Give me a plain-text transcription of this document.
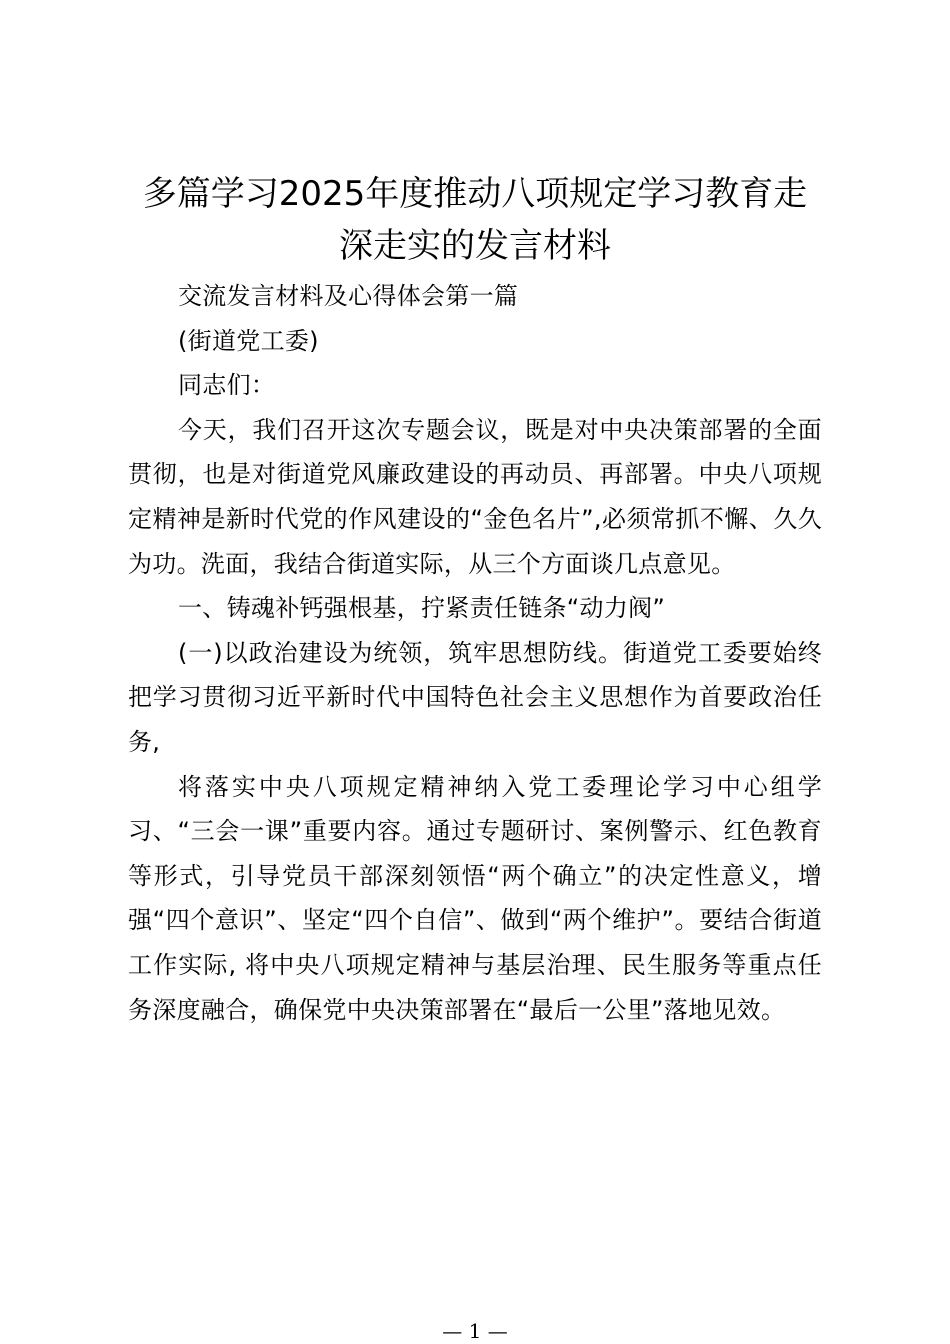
多篇学习2025年度推动八项规定学习教育走
深走实的发言材料

交流发言材料及心得体会第一篇

(街道党工委)

同志们：

今天，我们召开这次专题会议，既是对中央决策部署的全面贯彻，也是对街道党风廉政建设的再动员、再部署。中央八项规定精神是新时代党的作风建设的“金色名片”,必须常抓不懈、久久为功。洗面，我结合街道实际，从三个方面谈几点意见。

一、铸魂补钙强根基，拧紧责任链条“动力阀”

(一)以政治建设为统领，筑牢思想防线。街道党工委要始终把学习贯彻习近平新时代中国特色社会主义思想作为首要政治任务,

将落实中央八项规定精神纳入党工委理论学习中心组学习、“三会一课”重要内容。通过专题研讨、案例警示、红色教育等形式，引导党员干部深刻领悟“两个确立”的决定性意义，增强“四个意识”、坚定“四个自信”、做到“两个维护”。要结合街道工作实际, 将中央八项规定精神与基层治理、民生服务等重点任务深度融合，确保党中央决策部署在“最后一公里”落地见效。

— 1 —
